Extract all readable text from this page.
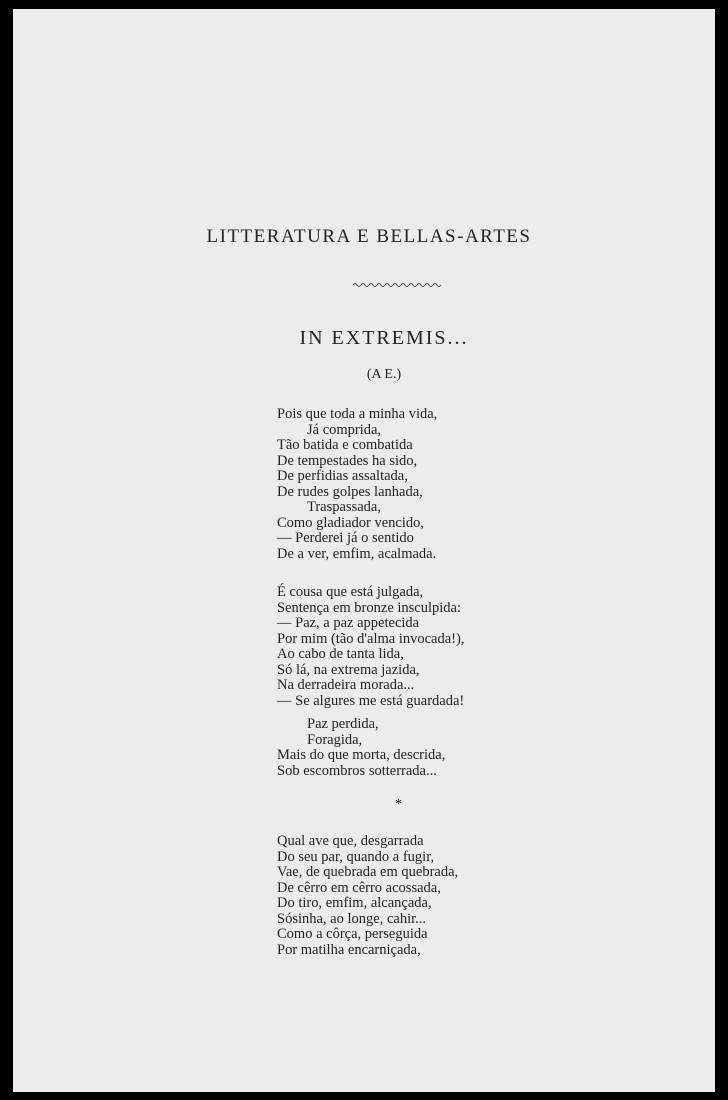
LITTERATURA E BELLAS-ARTES
IN EXTREMIS...
(A E.)
Pois que toda a minha vida,
Já comprida,
Tão batida e combatida
De tempestades ha sido,
De perfidias assaltada,
De rudes golpes lanhada,
Traspassada,
Como gladiador vencido,
— Perderei já o sentido
De a ver, emfim, acalmada.
É cousa que está julgada,
Sentença em bronze insculpida:
— Paz, a paz appetecida
Por mim (tão d'alma invocada!),
Ao cabo de tanta lida,
Só lá, na extrema jazida,
Na derradeira morada...
— Se algures me está guardada!
Paz perdida,
Foragida,
Mais do que morta, descrida,
Sob escombros sotterrada...
*
Qual ave que, desgarrada
Do seu par, quando a fugir,
Vae, de quebrada em quebrada,
De cêrro em cêrro acossada,
Do tiro, emfim, alcançada,
Sósinha, ao longe, cahir...
Como a côrça, perseguida
Por matilha encarniçada,
